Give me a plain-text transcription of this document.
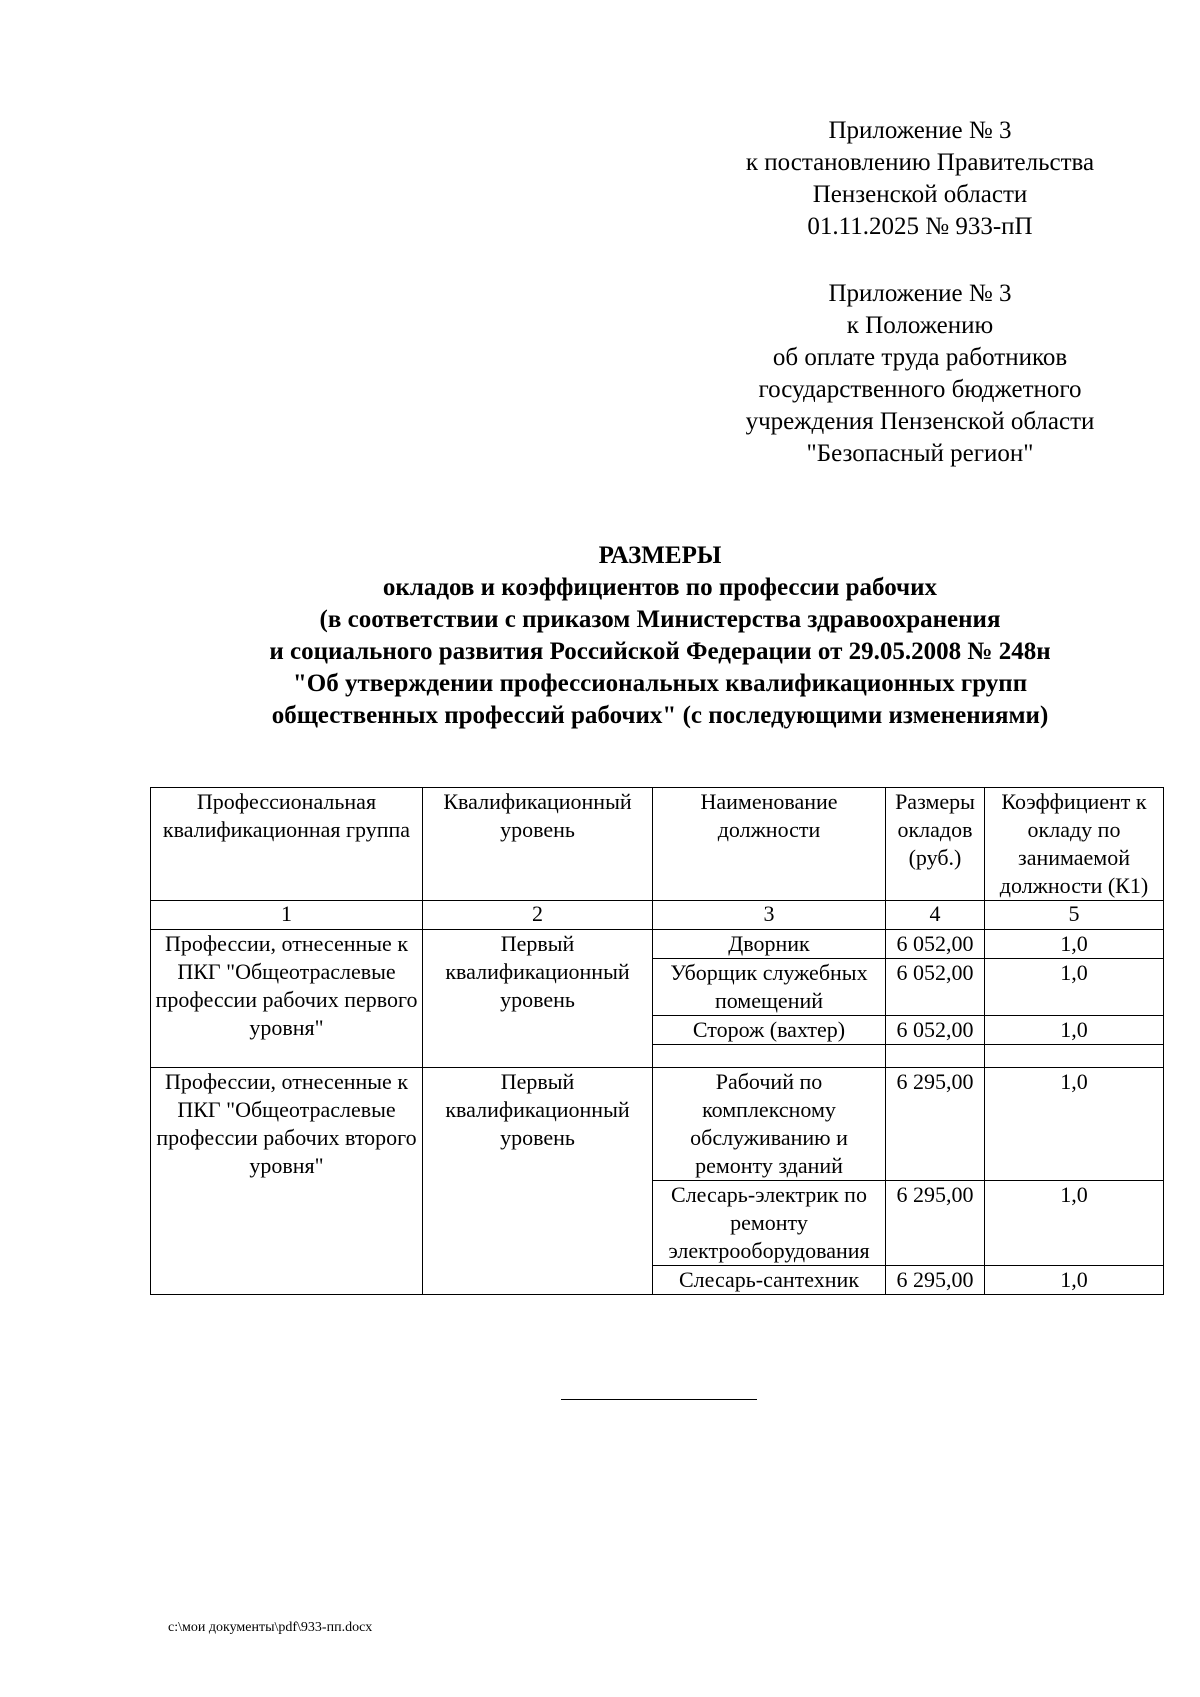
Приложение № 3
к постановлению Правительства
Пензенской области
01.11.2025 № 933-пП
Приложение № 3
к Положению
об оплате труда работников
государственного бюджетного
учреждения Пензенской области
"Безопасный регион"
РАЗМЕРЫ
окладов и коэффициентов по профессии рабочих
(в соответствии с приказом Министерства здравоохранения
и социального развития Российской Федерации от 29.05.2008 № 248н
"Об утверждении профессиональных квалификационных групп
общественных профессий рабочих" (с последующими изменениями)
Профессиональная квалификационная группа	Квалификационный уровень	Наименование должности	Размеры окладов (руб.)	Коэффициент к окладу по занимаемой должности (К1)
1	2	3	4	5
Профессии, отнесенные к ПКГ "Общеотраслевые профессии рабочих первого уровня"	Первый квалификационный уровень	Дворник	6 052,00	1,0
		Уборщик служебных помещений	6 052,00	1,0
		Сторож (вахтер)	6 052,00	1,0

Профессии, отнесенные к ПКГ "Общеотраслевые профессии рабочих второго уровня"	Первый квалификационный уровень	Рабочий по комплексному обслуживанию и ремонту зданий	6 295,00	1,0
		Слесарь-электрик по ремонту электрооборудования	6 295,00	1,0
		Слесарь-сантехник	6 295,00	1,0
c:\мои документы\pdf\933-пп.docx
